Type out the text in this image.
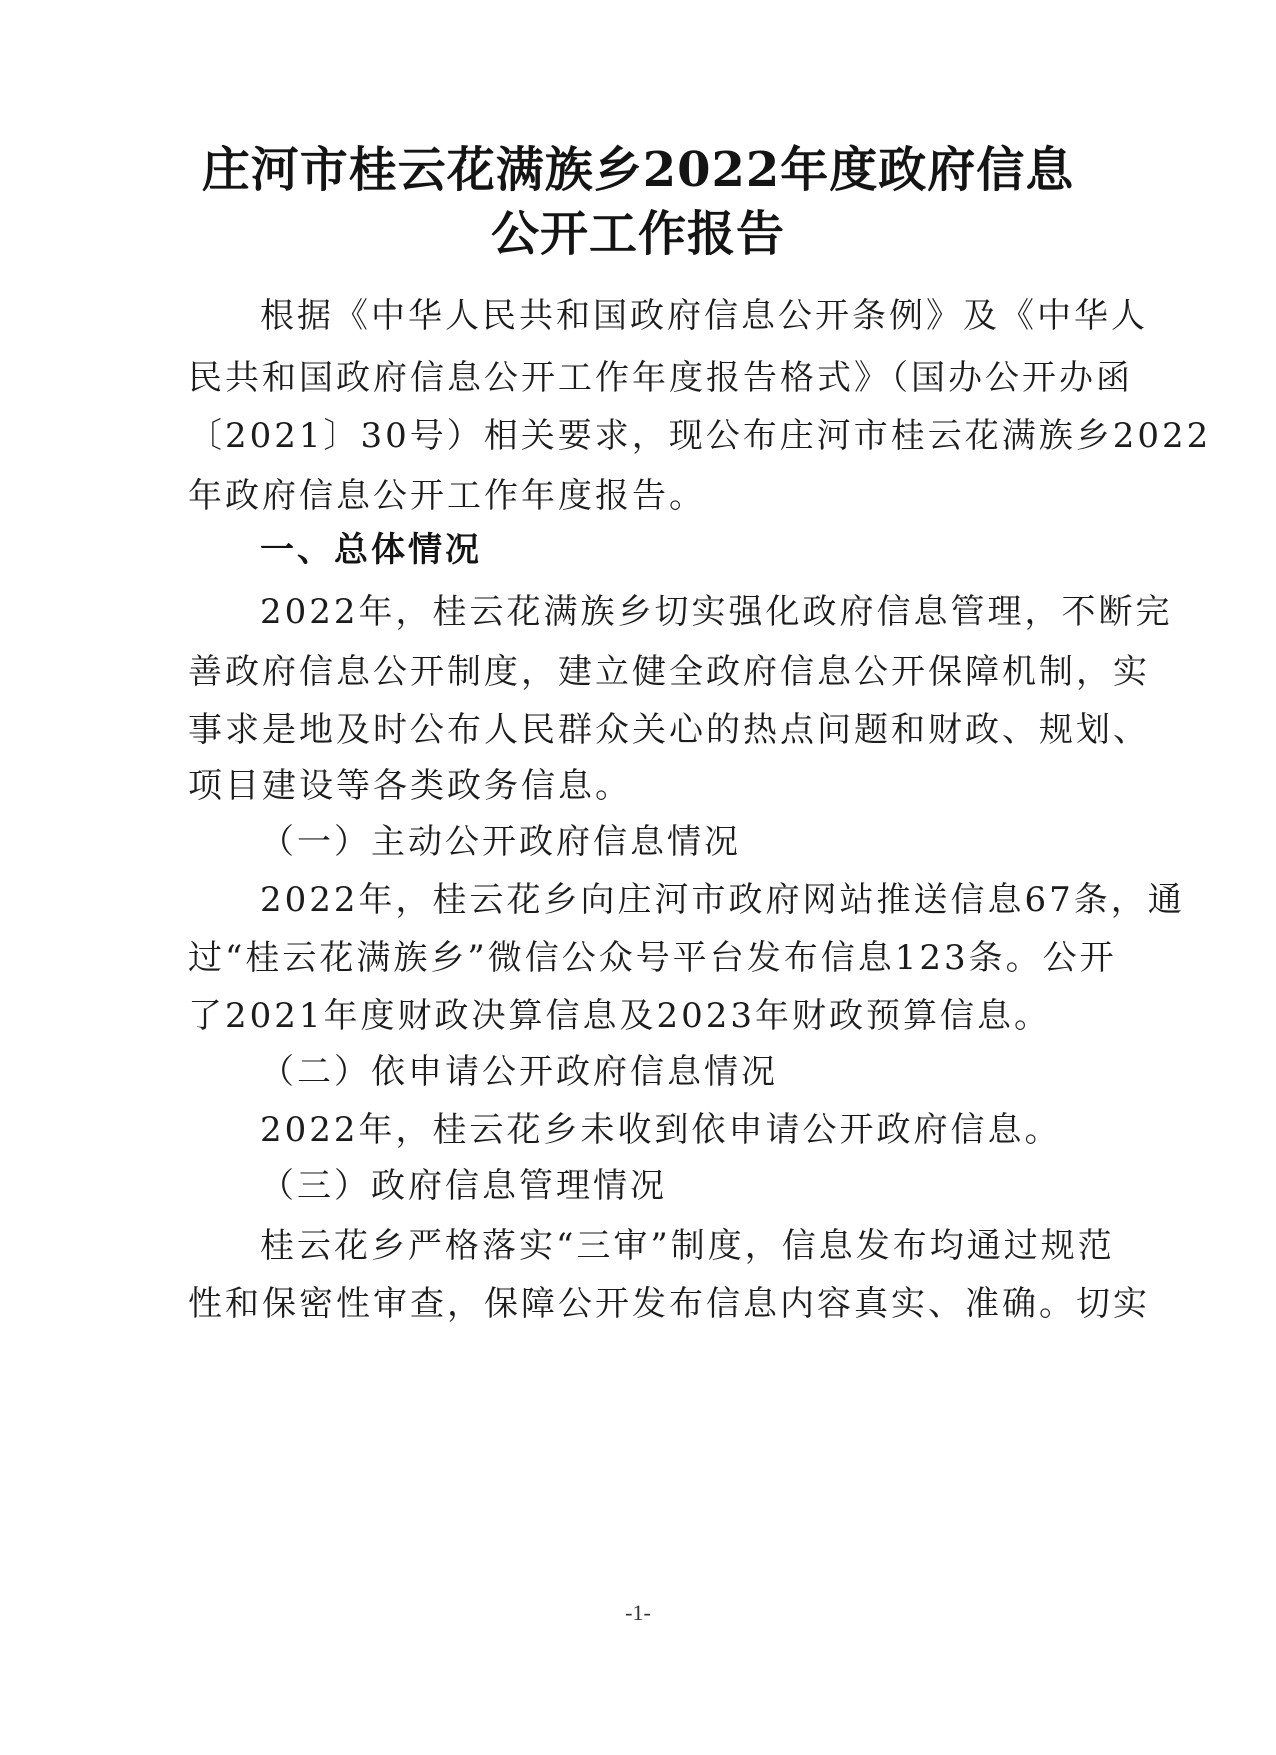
庄河市桂云花满族乡2022年度政府信息
公开工作报告
根据《中华人民共和国政府信息公开条例》及《中华人
民共和国政府信息公开工作年度报告格式》（国办公开办函
〔2021〕30号）相关要求，现公布庄河市桂云花满族乡2022
年政府信息公开工作年度报告。
一、总体情况
2022年，桂云花满族乡切实强化政府信息管理，不断完
善政府信息公开制度，建立健全政府信息公开保障机制，实
事求是地及时公布人民群众关心的热点问题和财政、规划、
项目建设等各类政务信息。
（一）主动公开政府信息情况
2022年，桂云花乡向庄河市政府网站推送信息67条，通
过“桂云花满族乡”微信公众号平台发布信息123条。公开
了2021年度财政决算信息及2023年财政预算信息。
（二）依申请公开政府信息情况
2022年，桂云花乡未收到依申请公开政府信息。
（三）政府信息管理情况
桂云花乡严格落实“三审”制度，信息发布均通过规范
性和保密性审查，保障公开发布信息内容真实、准确。切实
-1-
